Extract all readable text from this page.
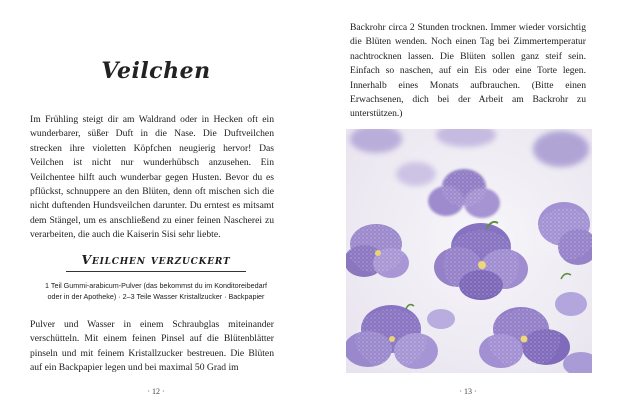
Veilchen

Im Frühling steigt dir am Waldrand oder in Hecken oft ein wunderbarer, süßer Duft in die Nase. Die Duftveilchen strecken ihre violetten Köpfchen neugierig hervor! Das Veilchen ist nicht nur wunderhübsch anzusehen. Ein Veilchentee hilft auch wunderbar gegen Husten. Bevor du es pflückst, schnuppere an den Blüten, denn oft mischen sich die nicht duftenden Hundsveilchen darunter. Du erntest es mitsamt dem Stängel, um es anschließend zu einer feinen Nascherei zu verarbeiten, die auch die Kaiserin Sisi sehr liebte.

Veilchen verzuckert

1 Teil Gummi-arabicum-Pulver (das bekommst du im Konditoreibedarf oder in der Apotheke) · 2–3 Teile Wasser Kristallzucker · Backpapier

Pulver und Wasser in einem Schraubglas miteinander verschütteln. Mit einem feinen Pinsel auf die Blütenblätter pinseln und mit feinem Kristallzucker bestreuen. Die Blüten auf ein Backpapier legen und bei maximal 50 Grad im

· 12 ·

Backrohr circa 2 Stunden trocknen. Immer wieder vorsichtig die Blüten wenden. Noch einen Tag bei Zimmertemperatur nachtrocknen lassen. Die Blüten sollen ganz steif sein. Einfach so naschen, auf ein Eis oder eine Torte legen. Innerhalb eines Monats aufbrauchen. (Bitte einen Erwachsenen, dich bei der Arbeit am Backrohr zu unterstützen.)

· 13 ·
